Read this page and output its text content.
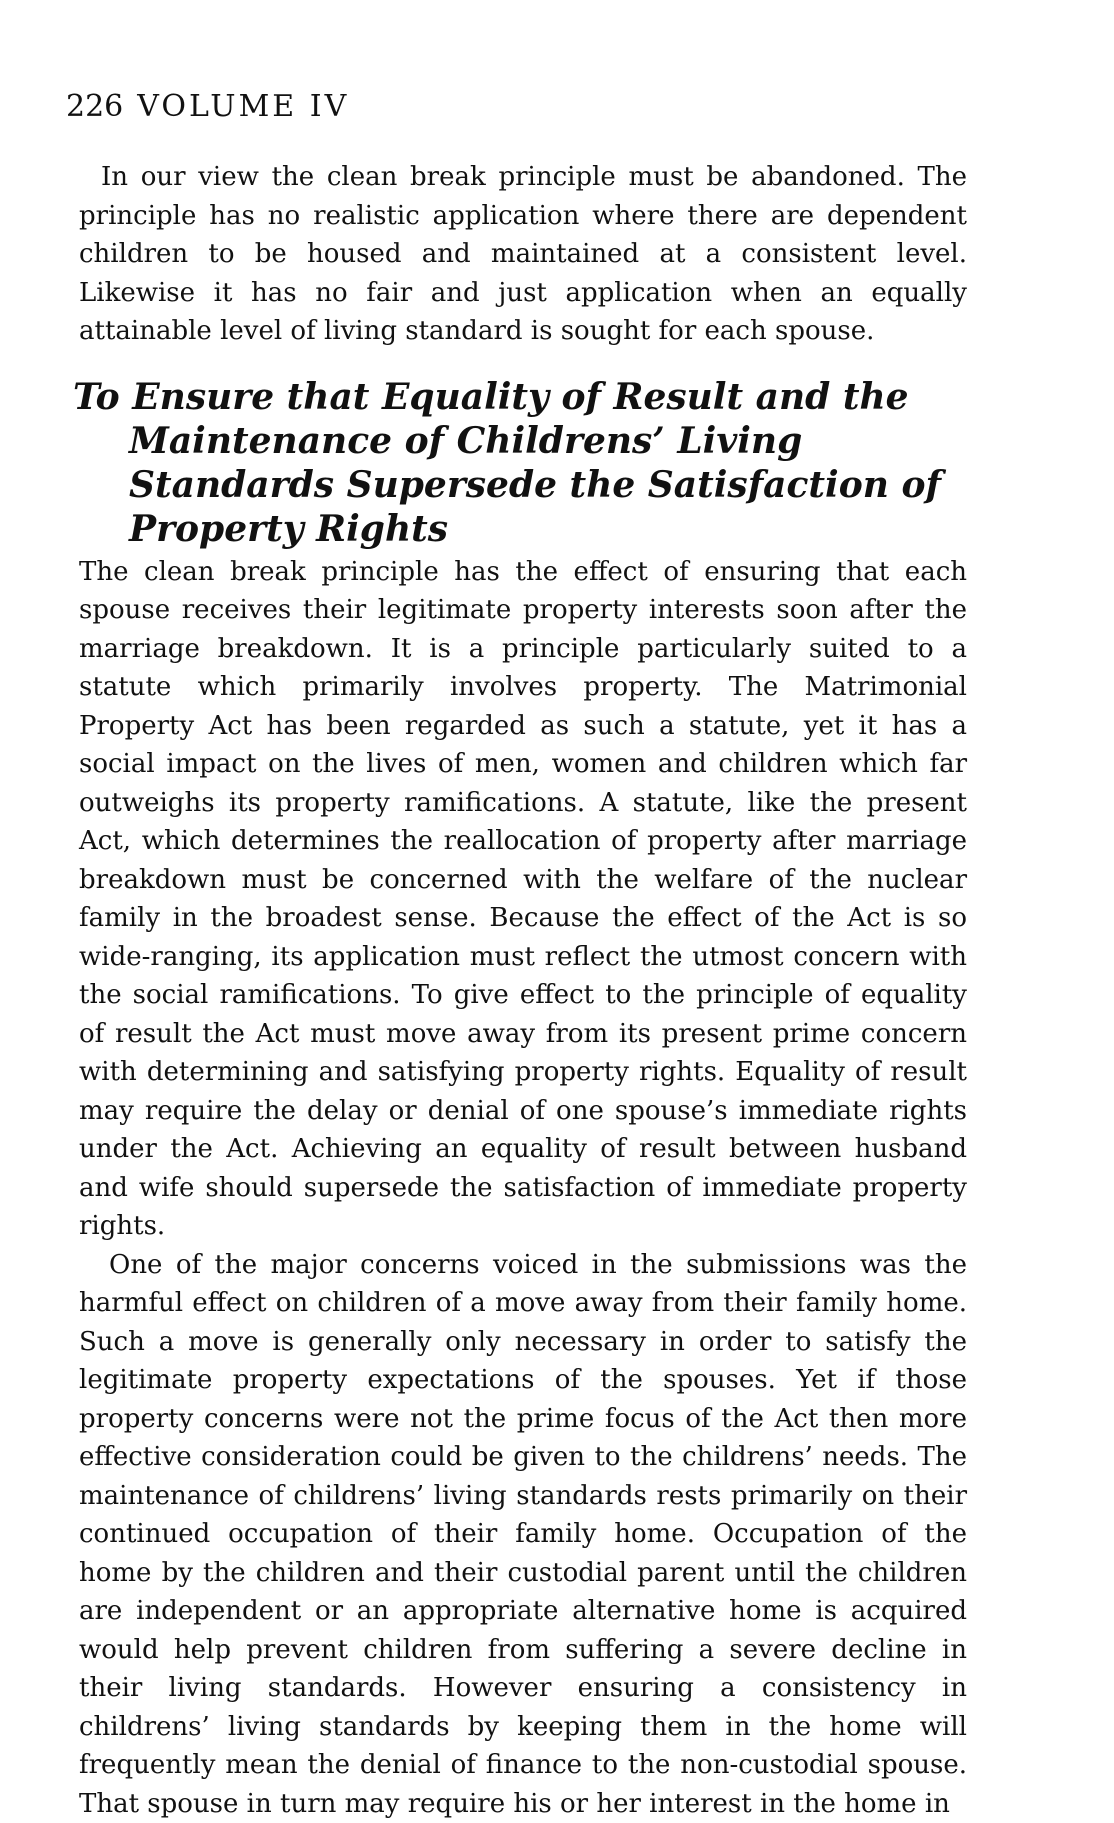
226 VOLUME IV

In our view the clean break principle must be abandoned. The principle has no realistic application where there are dependent children to be housed and maintained at a consistent level. Likewise it has no fair and just application when an equally attainable level of living standard is sought for each spouse.

To Ensure that Equality of Result and the Maintenance of Childrens’ Living Standards Supersede the Satisfaction of Property Rights

The clean break principle has the effect of ensuring that each spouse receives their legitimate property interests soon after the marriage breakdown. It is a principle particularly suited to a statute which primarily involves property. The Matrimonial Property Act has been regarded as such a statute, yet it has a social impact on the lives of men, women and children which far outweighs its property ramifications. A statute, like the present Act, which determines the reallocation of property after marriage breakdown must be concerned with the welfare of the nuclear family in the broadest sense. Because the effect of the Act is so wide-ranging, its application must reflect the utmost concern with the social ramifications. To give effect to the principle of equality of result the Act must move away from its present prime concern with determining and satisfying property rights. Equality of result may require the delay or denial of one spouse’s immediate rights under the Act. Achieving an equality of result between husband and wife should supersede the satisfaction of immediate property rights.

One of the major concerns voiced in the submissions was the harmful effect on children of a move away from their family home. Such a move is generally only necessary in order to satisfy the legitimate property expectations of the spouses. Yet if those property concerns were not the prime focus of the Act then more effective consideration could be given to the childrens’ needs. The maintenance of childrens’ living standards rests primarily on their continued occupation of their family home. Occupation of the home by the children and their custodial parent until the children are independent or an appropriate alternative home is acquired would help prevent children from suffering a severe decline in their living standards. However ensuring a consistency in childrens’ living standards by keeping them in the home will frequently mean the denial of finance to the non-custodial spouse. That spouse in turn may require his or her interest in the home in
